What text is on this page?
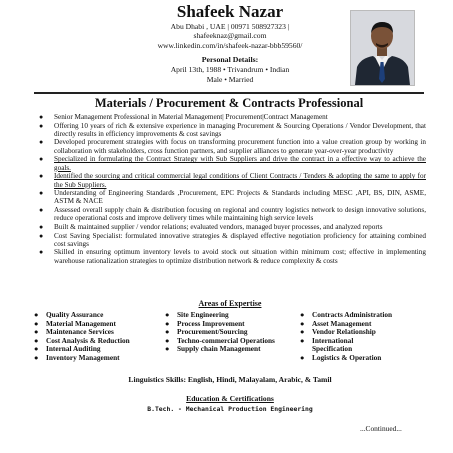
Shafeek Nazar
Abu Dhabi , UAE | 00971 508927323 |
shafeeknaz@gmail.com
www.linkedin.com/in/shafeek-nazar-bbb59560/
Personal Details:
April 13th, 1988 • Trivandrum • Indian
Male • Married
Materials / Procurement & Contracts Professional
● Senior Management Professional in Material Management| Procurement|Contract Management
● Offering 10 years of rich & extensive experience in managing Procurement & Sourcing Operations / Vendor Development, that directly results in efficiency improvements & cost savings
● Developed procurement strategies with focus on transforming procurement function into a value creation group by working in collaboration with stakeholders, cross function partners, and supplier alliances to generate year-over-year productivity
● Specialized in formulating the Contract Strategy with Sub Suppliers and drive the contract in a effective way to achieve the goals.
● Identified the sourcing and critical commercial legal conditions of Client Contracts / Tenders & adopting the same to apply for the Sub Suppliers.
● Understanding of Engineering Standards ,Procurement, EPC Projects & Standards including MESC ,API, BS, DIN, ASME, ASTM & NACE
● Assessed overall supply chain & distribution focusing on regional and country logistics network to design innovative solutions, reduce operational costs and improve delivery times while maintaining high service levels
● Built & maintained supplier / vendor relations; evaluated vendors, managed buyer processes, and analyzed reports
● Cost Saving Specialist: formulated innovative strategies & displayed effective negotiation proficiency for attaining combined cost savings
● Skilled in ensuring optimum inventory levels to avoid stock out situation within minimum cost; effective in implementing warehouse rationalization strategies to optimize distribution network & reduce complexity & costs
Areas of Expertise
● Quality Assurance
● Material Management
● Maintenance Services
● Cost Analysis & Reduction
● Internal Auditing
● Inventory Management
● Site Engineering
● Process Improvement
● Procurement/Sourcing
● Techno-commercial Operations
● Supply chain Management
● Contracts Administration
● Asset Management
● Vendor Relationship
● International Specification
● Logistics & Operation
Linguistics Skills: English, Hindi, Malayalam, Arabic, & Tamil
Education & Certifications
B.Tech. - Mechanical Production Engineering
...Continued...
